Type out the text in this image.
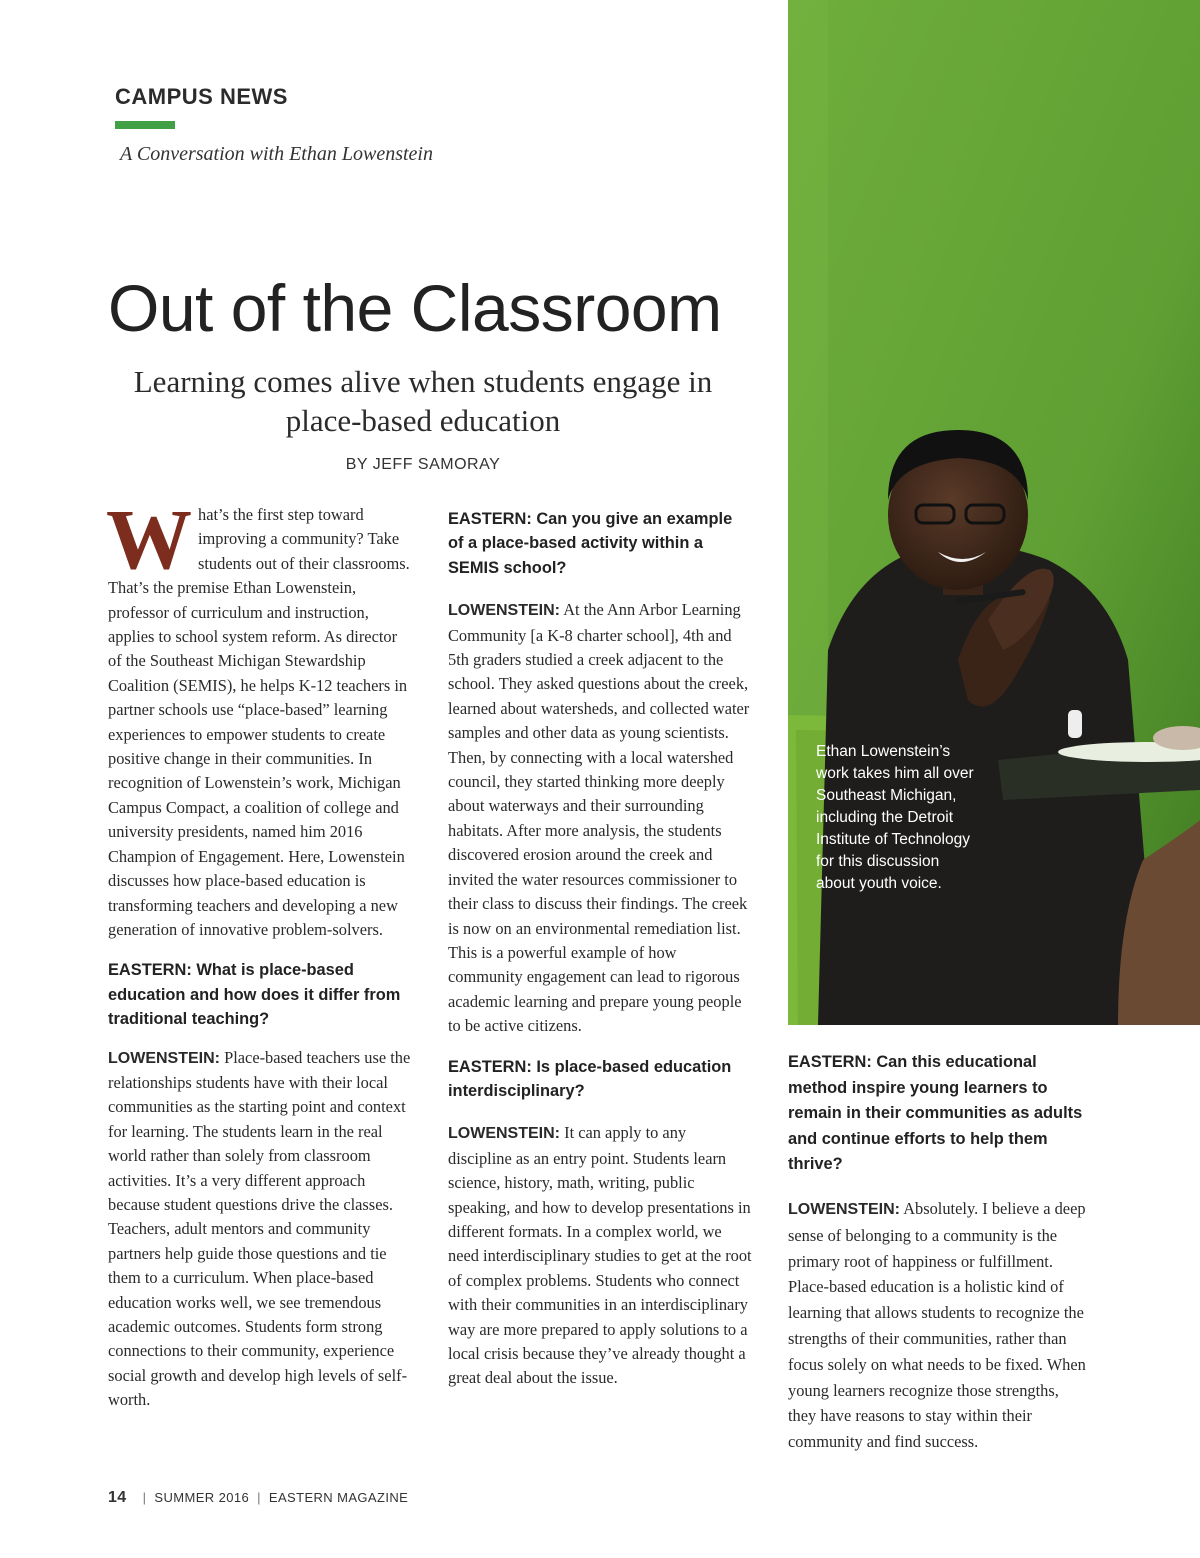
CAMPUS NEWS
A Conversation with Ethan Lowenstein
Out of the Classroom
Learning comes alive when students engage in place-based education
BY JEFF SAMORAY

What’s the first step toward improving a community? Take students out of their classrooms. That’s the premise Ethan Lowenstein, professor of curriculum and instruction, applies to school system reform. As director of the Southeast Michigan Stewardship Coalition (SEMIS), he helps K-12 teachers in partner schools use “place-based” learning experiences to empower students to create positive change in their communities. In recognition of Lowenstein’s work, Michigan Campus Compact, a coalition of college and university presidents, named him 2016 Champion of Engagement. Here, Lowenstein discusses how place-based education is transforming teachers and developing a new generation of innovative problem-solvers.

EASTERN: What is place-based education and how does it differ from traditional teaching?

LOWENSTEIN: Place-based teachers use the relationships students have with their local communities as the starting point and context for learning. The students learn in the real world rather than solely from classroom activities. It’s a very different approach because student questions drive the classes. Teachers, adult mentors and community partners help guide those questions and tie them to a curriculum. When place-based education works well, we see tremendous academic outcomes. Students form strong connections to their community, experience social growth and develop high levels of self-worth.

EASTERN: Can you give an example of a place-based activity within a SEMIS school?

LOWENSTEIN: At the Ann Arbor Learning Community [a K-8 charter school], 4th and 5th graders studied a creek adjacent to the school. They asked questions about the creek, learned about watersheds, and collected water samples and other data as young scientists. Then, by connecting with a local watershed council, they started thinking more deeply about waterways and their surrounding habitats. After more analysis, the students discovered erosion around the creek and invited the water resources commissioner to their class to discuss their findings. The creek is now on an environmental remediation list. This is a powerful example of how community engagement can lead to rigorous academic learning and prepare young people to be active citizens.

EASTERN: Is place-based education interdisciplinary?

LOWENSTEIN: It can apply to any discipline as an entry point. Students learn science, history, math, writing, public speaking, and how to develop presentations in different formats. In a complex world, we need interdisciplinary studies to get at the root of complex problems. Students who connect with their communities in an interdisciplinary way are more prepared to apply solutions to a local crisis because they’ve already thought a great deal about the issue.

Ethan Lowenstein’s work takes him all over Southeast Michigan, including the Detroit Institute of Technology for this discussion about youth voice.

EASTERN: Can this educational method inspire young learners to remain in their communities as adults and continue efforts to help them thrive?

LOWENSTEIN: Absolutely. I believe a deep sense of belonging to a community is the primary root of happiness or fulfillment. Place-based education is a holistic kind of learning that allows students to recognize the strengths of their communities, rather than focus solely on what needs to be fixed. When young learners recognize those strengths, they have reasons to stay within their community and find success.

14 | SUMMER 2016 | EASTERN MAGAZINE
